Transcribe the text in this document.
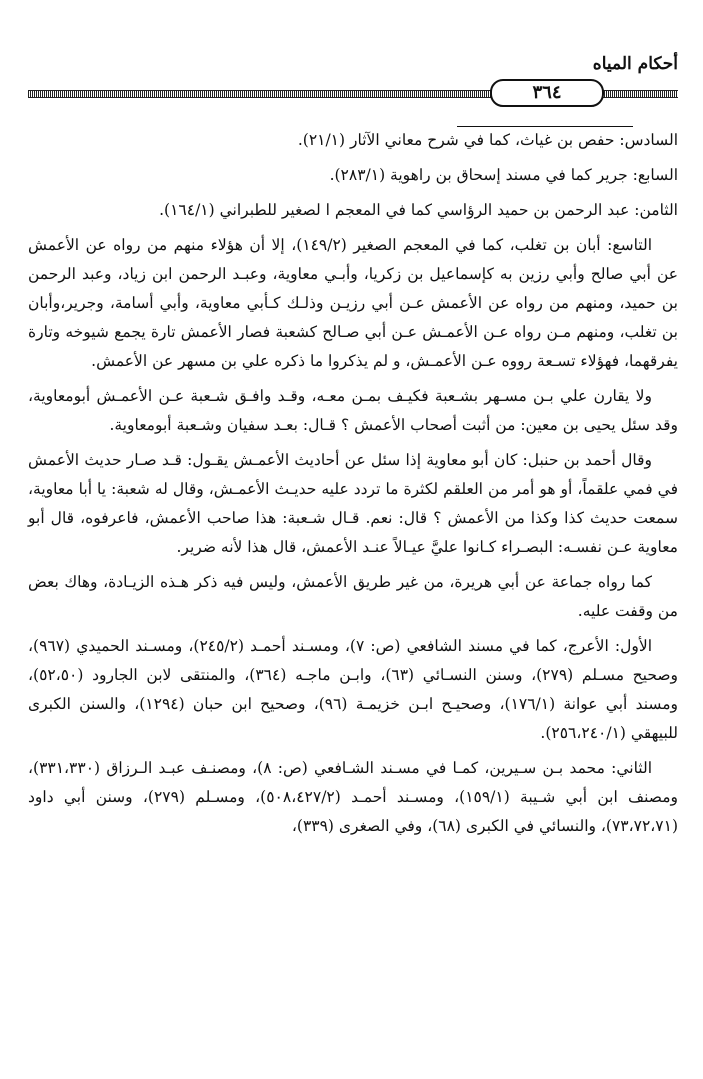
أحكام المياه
٣٦٤

السادس: حفص بن غياث، كما في شرح معاني الآثار (٢١/١).

السابع: جرير كما في مسند إسحاق بن راهوية (٢٨٣/١).

الثامن: عبد الرحمن بن حميد الرؤاسي كما في المعجم ا لصغير للطبراني (١٦٤/١).

التاسع: أبان بن تغلب، كما في المعجم الصغير (١٤٩/٢)، إلا أن هؤلاء منهم من رواه عن الأعمش عن أبي صالح وأبي رزين به كإسماعيل بن زكريا، وأبـي معاوية، وعبـد الرحمن ابن زياد، وعبد الرحمن بن حميد، ومنهم من رواه عن الأعمش عـن أبي رزيـن وذلـك كـأبي معاوية، وأبي أسامة، وجرير،وأبان بن تغلب، ومنهم مـن رواه عـن الأعمـش عـن أبي صـالح كشعبة فصار الأعمش تارة يجمع شيوخه وتارة يفرقهما، فهؤلاء تسـعة رووه عـن الأعمـش، و لم يذكروا ما ذكره علي بن مسهر عن الأعمش.

ولا يقارن علي بـن مسـهر بشـعبة فكيـف بمـن معـه، وقـد وافـق شـعبة عـن الأعمـش أبومعاوية، وقد سئل يحيى بن معين: من أثبت أصحاب الأعمش ؟ قـال: بعـد سفيان وشـعبة أبومعاوية.

وقال أحمد بن حنبل: كان أبو معاوية إذا سئل عن أحاديث الأعمـش يقـول: قـد صـار حديث الأعمش في فمي علقماً، أو هو أمر من العلقم لكثرة ما تردد عليه حديـث الأعمـش، وقال له شعبة: يا أبا معاوية، سمعت حديث كذا وكذا من الأعمش ؟ قال: نعم. قـال شـعبة: هذا صاحب الأعمش، فاعرفوه، قال أبو معاوية عـن نفسـه: البصـراء كـانوا عليَّ عيـالاً عنـد الأعمش، قال هذا لأنه ضرير.

كما رواه جماعة عن أبي هريرة، من غير طريق الأعمش، وليس فيه ذكر هـذه الزيـادة، وهاك بعض من وقفت عليه.

الأول: الأعرج، كما في مسند الشافعي (ص: ٧)، ومسـند أحمـد (٢٤٥/٢)، ومسـند الحميدي (٩٦٧)، وصحيح مسـلم (٢٧٩)، وسنن النسـائي (٦٣)، وابـن ماجـه (٣٦٤)، والمنتقى لابن الجارود (٥٢،٥٠)، ومسند أبي عوانة (١٧٦/١)، وصحيـح ابـن خزيمـة (٩٦)، وصحيح ابن حبان (١٢٩٤)، والسنن الكبرى للبيهقي (٢٥٦،٢٤٠/١).

الثاني: محمد بـن سـيرين، كمـا في مسـند الشـافعي (ص: ٨)، ومصنـف عبـد الـرزاق (٣٣١،٣٣٠)، ومصنف ابن أبي شـيبة (١٥٩/١)، ومسـند أحمـد (٥٠٨،٤٢٧/٢)، ومسـلم (٢٧٩)، وسنن أبي داود (٧٣،٧٢،٧١)، والنسائي في الكبرى (٦٨)، وفي الصغرى (٣٣٩)،
